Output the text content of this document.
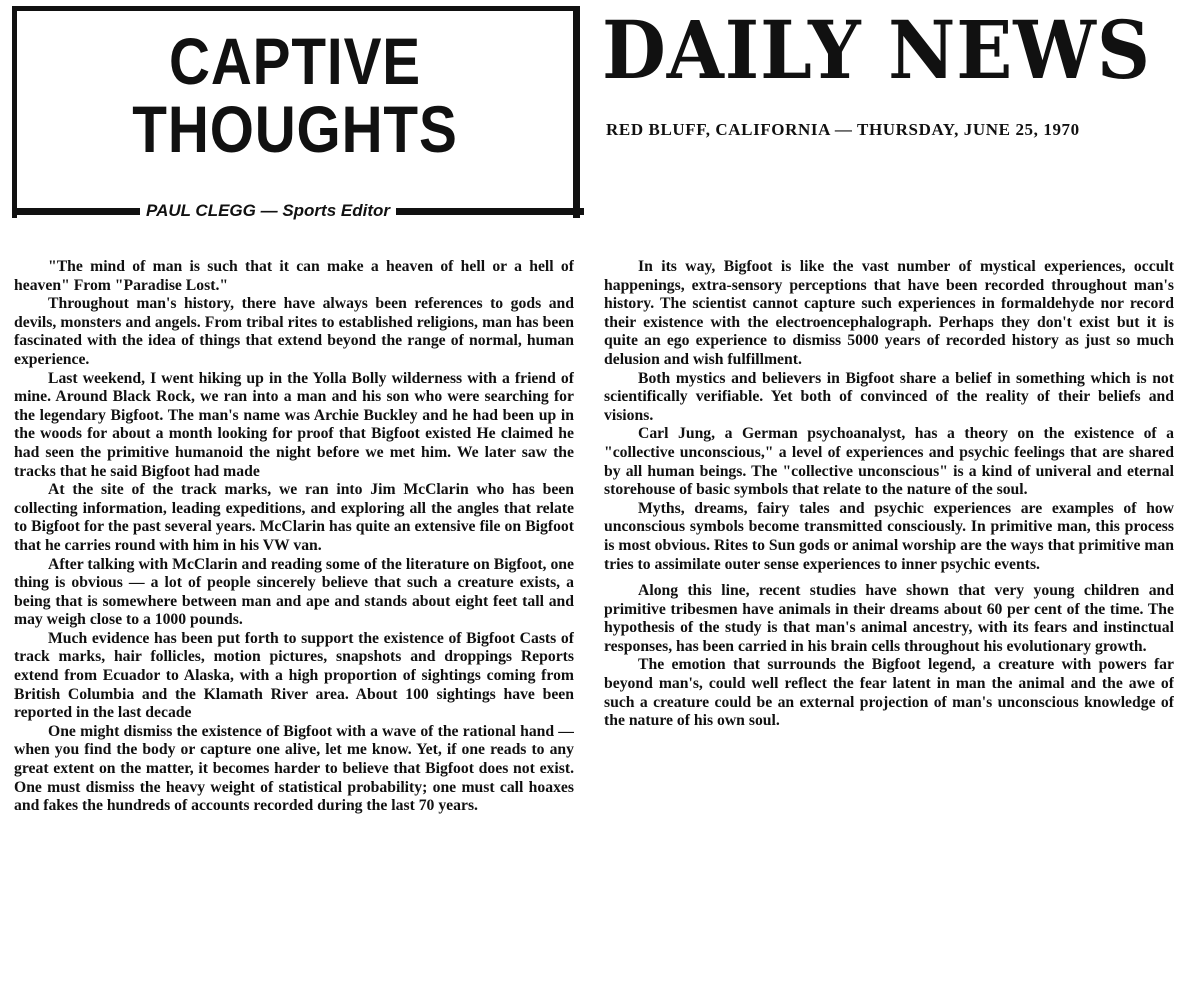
CAPTIVE
THOUGHTS
PAUL CLEGG — Sports Editor
DAILY NEWS
RED BLUFF, CALIFORNIA — THURSDAY, JUNE 25, 1970

"The mind of man is such that it can make a heaven of hell or a hell of heaven" From "Paradise Lost."

Throughout man's history, there have always been references to gods and devils, monsters and angels. From tribal rites to established religions, man has been fascinated with the idea of things that extend beyond the range of normal, human experience.

Last weekend, I went hiking up in the Yolla Bolly wilderness with a friend of mine. Around Black Rock, we ran into a man and his son who were searching for the legendary Bigfoot. The man's name was Archie Buckley and he had been up in the woods for about a month looking for proof that Bigfoot existed He claimed he had seen the primitive humanoid the night before we met him. We later saw the tracks that he said Bigfoot had made

At the site of the track marks, we ran into Jim McClarin who has been collecting information, leading expeditions, and exploring all the angles that relate to Bigfoot for the past several years. McClarin has quite an extensive file on Bigfoot that he carries round with him in his VW van.

After talking with McClarin and reading some of the literature on Bigfoot, one thing is obvious — a lot of people sincerely believe that such a creature exists, a being that is somewhere between man and ape and stands about eight feet tall and may weigh close to a 1000 pounds.

Much evidence has been put forth to support the existence of Bigfoot Casts of track marks, hair follicles, motion pictures, snapshots and droppings Reports extend from Ecuador to Alaska, with a high proportion of sightings coming from British Columbia and the Klamath River area. About 100 sightings have been reported in the last decade

One might dismiss the existence of Bigfoot with a wave of the rational hand — when you find the body or capture one alive, let me know. Yet, if one reads to any great extent on the matter, it becomes harder to believe that Bigfoot does not exist. One must dismiss the heavy weight of statistical probability; one must call hoaxes and fakes the hundreds of accounts recorded during the last 70 years.

In its way, Bigfoot is like the vast number of mystical experiences, occult happenings, extra-sensory perceptions that have been recorded throughout man's history. The scientist cannot capture such experiences in formaldehyde nor record their existence with the electroencephalograph. Perhaps they don't exist but it is quite an ego experience to dismiss 5000 years of recorded history as just so much delusion and wish fulfillment.

Both mystics and believers in Bigfoot share a belief in something which is not scientifically verifiable. Yet both of convinced of the reality of their beliefs and visions.

Carl Jung, a German psychoanalyst, has a theory on the existence of a "collective unconscious," a level of experiences and psychic feelings that are shared by all human beings. The "collective unconscious" is a kind of univeral and eternal storehouse of basic symbols that relate to the nature of the soul.

Myths, dreams, fairy tales and psychic experiences are examples of how unconscious symbols become transmitted consciously. In primitive man, this process is most obvious. Rites to Sun gods or animal worship are the ways that primitive man tries to assimilate outer sense experiences to inner psychic events.

Along this line, recent studies have shown that very young children and primitive tribesmen have animals in their dreams about 60 per cent of the time. The hypothesis of the study is that man's animal ancestry, with its fears and instinctual responses, has been carried in his brain cells throughout his evolutionary growth.

The emotion that surrounds the Bigfoot legend, a creature with powers far beyond man's, could well reflect the fear latent in man the animal and the awe of such a creature could be an external projection of man's unconscious knowledge of the nature of his own soul.
